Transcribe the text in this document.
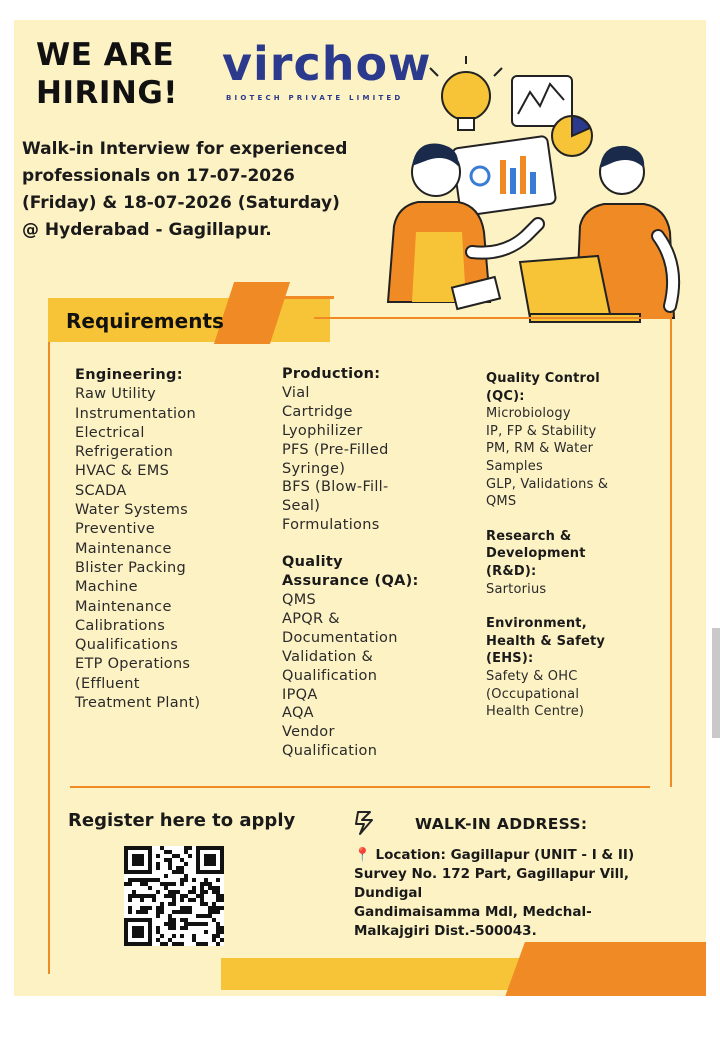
WE ARE
HIRING!
virchow
BIOTECH PRIVATE LIMITED

Walk-in Interview for experienced
professionals on 17-07-2026
(Friday) & 18-07-2026 (Saturday)
@ Hyderabad - Gagillapur.

Requirements
Engineering:
Raw Utility
Instrumentation
Electrical
Refrigeration
HVAC & EMS
SCADA
Water Systems
Preventive
Maintenance
Blister Packing
Machine
Maintenance
Calibrations
Qualifications
ETP Operations
(Effluent
Treatment Plant)
Production:
Vial
Cartridge
Lyophilizer
PFS (Pre-Filled
Syringe)
BFS (Blow-Fill-
Seal)
Formulations
Quality
Assurance (QA):
QMS
APQR &
Documentation
Validation &
Qualification
IPQA
AQA
Vendor
Qualification
Quality Control
(QC):
Microbiology
IP, FP & Stability
PM, RM & Water
Samples
GLP, Validations &
QMS
Research &
Development
(R&D):
Sartorius
Environment,
Health & Safety
(EHS):
Safety & OHC
(Occupational
Health Centre)
Register here to apply	WALK-IN ADDRESS:

📍 Location: Gagillapur (UNIT - I & II)
Survey No. 172 Part, Gagillapur Vill,
Dundigal
Gandimaisamma Mdl, Medchal-
Malkajgiri Dist.-500043.
